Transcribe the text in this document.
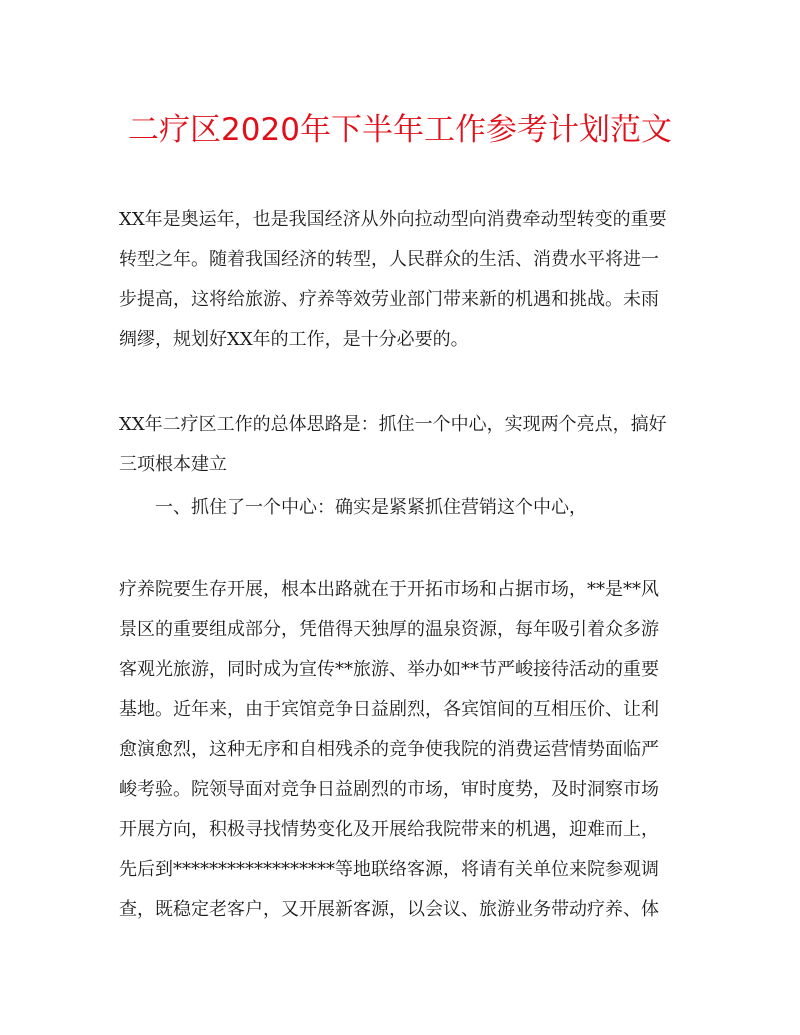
二疗区2020年下半年工作参考计划范文
XX年是奥运年，也是我国经济从外向拉动型向消费牵动型转变的重要
转型之年。随着我国经济的转型，人民群众的生活、消费水平将进一
步提高，这将给旅游、疗养等效劳业部门带来新的机遇和挑战。未雨
绸缪，规划好XX年的工作，是十分必要的。
XX年二疗区工作的总体思路是：抓住一个中心，实现两个亮点，搞好
三项根本建立
一、抓住了一个中心：确实是紧紧抓住营销这个中心，
疗养院要生存开展，根本出路就在于开拓市场和占据市场，**是**风
景区的重要组成部分，凭借得天独厚的温泉资源，每年吸引着众多游
客观光旅游，同时成为宣传**旅游、举办如**节严峻接待活动的重要
基地。近年来，由于宾馆竞争日益剧烈，各宾馆间的互相压价、让利
愈演愈烈，这种无序和自相残杀的竞争使我院的消费运营情势面临严
峻考验。院领导面对竞争日益剧烈的市场，审时度势，及时洞察市场
开展方向，积极寻找情势变化及开展给我院带来的机遇，迎难而上，
先后到******************等地联络客源，将请有关单位来院参观调
查，既稳定老客户，又开展新客源，以会议、旅游业务带动疗养、体
